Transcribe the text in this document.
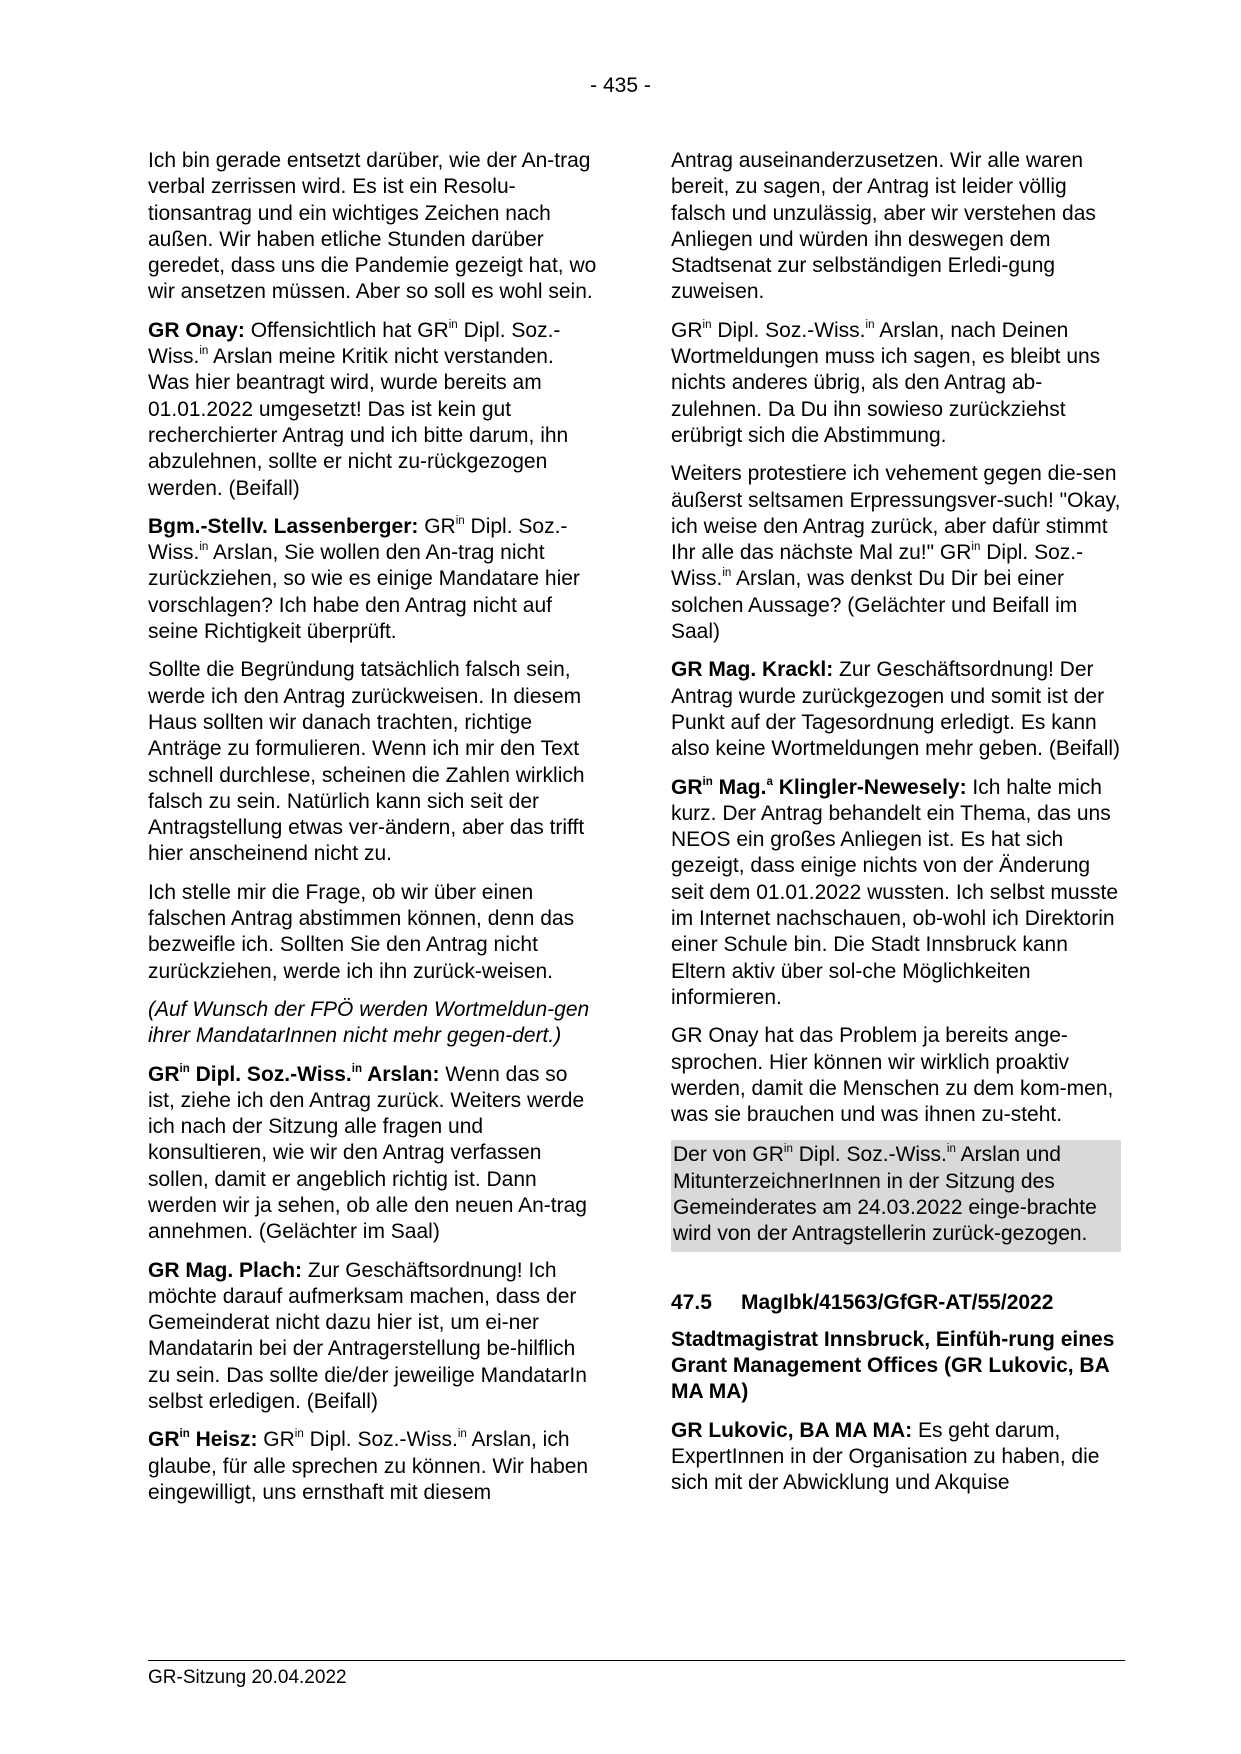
- 435 -

Ich bin gerade entsetzt darüber, wie der An-trag verbal zerrissen wird. Es ist ein Resolu-tionsantrag und ein wichtiges Zeichen nach außen. Wir haben etliche Stunden darüber geredet, dass uns die Pandemie gezeigt hat, wo wir ansetzen müssen. Aber so soll es wohl sein.

GR Onay: Offensichtlich hat $GR^{in}$ Dipl. Soz.-Wiss.$^{in}$ Arslan meine Kritik nicht verstanden. Was hier beantragt wird, wurde bereits am 01.01.2022 umgesetzt! Das ist kein gut recherchierter Antrag und ich bitte darum, ihn abzulehnen, sollte er nicht zu-rückgezogen werden. (Beifall)

Bgm.-Stellv. Lassenberger: $GR^{in}$ Dipl. Soz.-Wiss.$^{in}$ Arslan, Sie wollen den An-trag nicht zurückziehen, so wie es einige Mandatare hier vorschlagen? Ich habe den Antrag nicht auf seine Richtigkeit überprüft.

Sollte die Begründung tatsächlich falsch sein, werde ich den Antrag zurückweisen. In diesem Haus sollten wir danach trachten, richtige Anträge zu formulieren. Wenn ich mir den Text schnell durchlese, scheinen die Zahlen wirklich falsch zu sein. Natürlich kann sich seit der Antragstellung etwas ver-ändern, aber das trifft hier anscheinend nicht zu.

Ich stelle mir die Frage, ob wir über einen falschen Antrag abstimmen können, denn das bezweifle ich. Sollten Sie den Antrag nicht zurückziehen, werde ich ihn zurück-weisen.

(Auf Wunsch der FPÖ werden Wortmeldun-gen ihrer MandatarInnen nicht mehr gegen-dert.)

$GR^{in}$ Dipl. Soz.-Wiss.$^{in}$ Arslan: Wenn das so ist, ziehe ich den Antrag zurück. Weiters werde ich nach der Sitzung alle fragen und konsultieren, wie wir den Antrag verfassen sollen, damit er angeblich richtig ist. Dann werden wir ja sehen, ob alle den neuen An-trag annehmen. (Gelächter im Saal)

GR Mag. Plach: Zur Geschäftsordnung! Ich möchte darauf aufmerksam machen, dass der Gemeinderat nicht dazu hier ist, um ei-ner Mandatarin bei der Antragerstellung be-hilflich zu sein. Das sollte die/der jeweilige MandatarIn selbst erledigen. (Beifall)

$GR^{in}$ Heisz: $GR^{in}$ Dipl. Soz.-Wiss.$^{in}$ Arslan, ich glaube, für alle sprechen zu können. Wir haben eingewilligt, uns ernsthaft mit diesem

Antrag auseinanderzusetzen. Wir alle waren bereit, zu sagen, der Antrag ist leider völlig falsch und unzulässig, aber wir verstehen das Anliegen und würden ihn deswegen dem Stadtsenat zur selbständigen Erledi-gung zuweisen.

$GR^{in}$ Dipl. Soz.-Wiss.$^{in}$ Arslan, nach Deinen Wortmeldungen muss ich sagen, es bleibt uns nichts anderes übrig, als den Antrag ab-zulehnen. Da Du ihn sowieso zurückziehst erübrigt sich die Abstimmung.

Weiters protestiere ich vehement gegen die-sen äußerst seltsamen Erpressungsver-such! "Okay, ich weise den Antrag zurück, aber dafür stimmt Ihr alle das nächste Mal zu!" $GR^{in}$ Dipl. Soz.-Wiss.$^{in}$ Arslan, was denkst Du Dir bei einer solchen Aussage? (Gelächter und Beifall im Saal)

GR Mag. Krackl: Zur Geschäftsordnung! Der Antrag wurde zurückgezogen und somit ist der Punkt auf der Tagesordnung erledigt. Es kann also keine Wortmeldungen mehr geben. (Beifall)

$GR^{in}$ Mag.$^a$ Klingler-Newesely: Ich halte mich kurz. Der Antrag behandelt ein Thema, das uns NEOS ein großes Anliegen ist. Es hat sich gezeigt, dass einige nichts von der Änderung seit dem 01.01.2022 wussten. Ich selbst musste im Internet nachschauen, ob-wohl ich Direktorin einer Schule bin. Die Stadt Innsbruck kann Eltern aktiv über sol-che Möglichkeiten informieren.

GR Onay hat das Problem ja bereits ange-sprochen. Hier können wir wirklich proaktiv werden, damit die Menschen zu dem kom-men, was sie brauchen und was ihnen zu-steht.

Der von $GR^{in}$ Dipl. Soz.-Wiss.$^{in}$ Arslan und MitunterzeichnerInnen in der Sitzung des Gemeinderates am 24.03.2022 einge-brachte wird von der Antragstellerin zurück-gezogen.

47.5	MagIbk/41563/GfGR-AT/55/2022

Stadtmagistrat Innsbruck, Einfüh-rung eines Grant Management Offices (GR Lukovic, BA MA MA)

GR Lukovic, BA MA MA: Es geht darum, ExpertInnen in der Organisation zu haben, die sich mit der Abwicklung und Akquise

GR-Sitzung 20.04.2022
